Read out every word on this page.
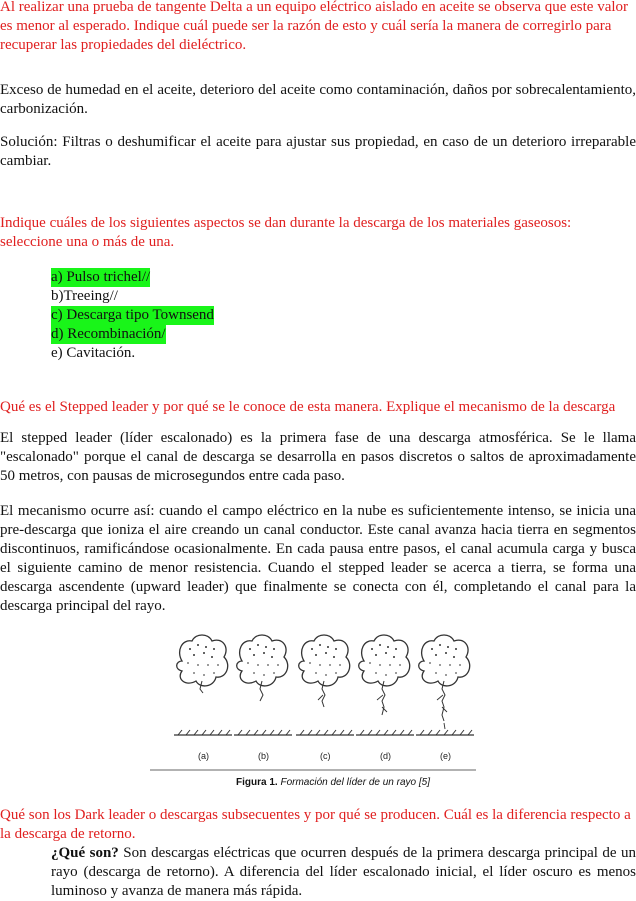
Al realizar una prueba de tangente Delta a un equipo eléctrico aislado en aceite se observa que este valor es menor al esperado. Indique cuál puede ser la razón de esto y cuál sería la manera de corregirlo para recuperar las propiedades del dieléctrico.
Exceso de humedad en el aceite, deterioro del aceite como contaminación, daños por sobrecalentamiento, carbonización.
Solución: Filtras o deshumificar el aceite para ajustar sus propiedad, en caso de un deterioro irreparable cambiar.
Indique cuáles de los siguientes aspectos se dan durante la descarga de los materiales gaseosos: seleccione una o más de una.
a) Pulso trichel//
b)Treeing//
c) Descarga tipo Townsend
d) Recombinación/
e) Cavitación.
Qué es el Stepped leader y por qué se le conoce de esta manera. Explique el mecanismo de la descarga
El stepped leader (líder escalonado) es la primera fase de una descarga atmosférica. Se le llama "escalonado" porque el canal de descarga se desarrolla en pasos discretos o saltos de aproximadamente 50 metros, con pausas de microsegundos entre cada paso.
El mecanismo ocurre así: cuando el campo eléctrico en la nube es suficientemente intenso, se inicia una pre-descarga que ioniza el aire creando un canal conductor. Este canal avanza hacia tierra en segmentos discontinuos, ramificándose ocasionalmente. En cada pausa entre pasos, el canal acumula carga y busca el siguiente camino de menor resistencia. Cuando el stepped leader se acerca a tierra, se forma una descarga ascendente (upward leader) que finalmente se conecta con él, completando el canal para la descarga principal del rayo.
(a)	(b)	(c)	(d)	(e)
Figura 1. Formación del líder de un rayo [5]
Qué son los Dark leader o descargas subsecuentes y por qué se producen. Cuál es la diferencia respecto a la descarga de retorno.
¿Qué son? Son descargas eléctricas que ocurren después de la primera descarga principal de un rayo (descarga de retorno). A diferencia del líder escalonado inicial, el líder oscuro es menos luminoso y avanza de manera más rápida.
